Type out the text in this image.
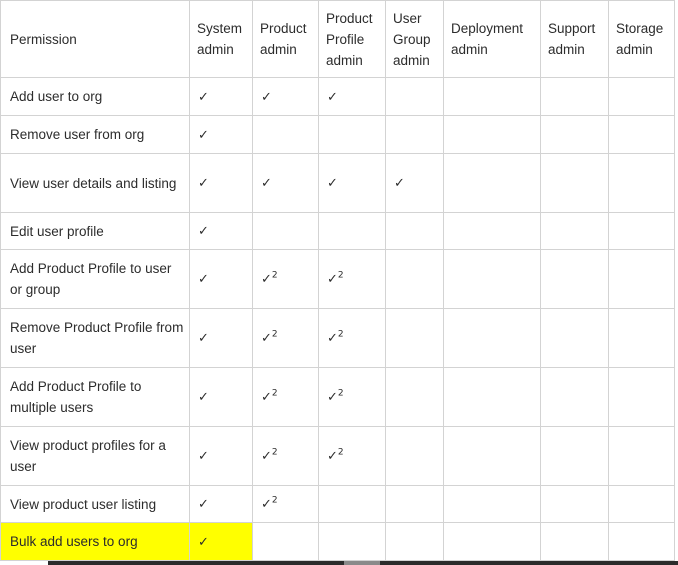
Permission	System admin	Product admin	Product Profile admin	User Group admin	Deployment admin	Support admin	Storage admin
Add user to org	✓	✓	✓				
Remove user from org	✓						
View user details and listing	✓	✓	✓	✓			
Edit user profile	✓						
Add Product Profile to user or group	✓	✓$^2$	✓$^2$				
Remove Product Profile from user	✓	✓$^2$	✓$^2$				
Add Product Profile to multiple users	✓	✓$^2$	✓$^2$				
View product profiles for a user	✓	✓$^2$	✓$^2$				
View product user listing	✓	✓$^2$					
Bulk add users to org	✓						
